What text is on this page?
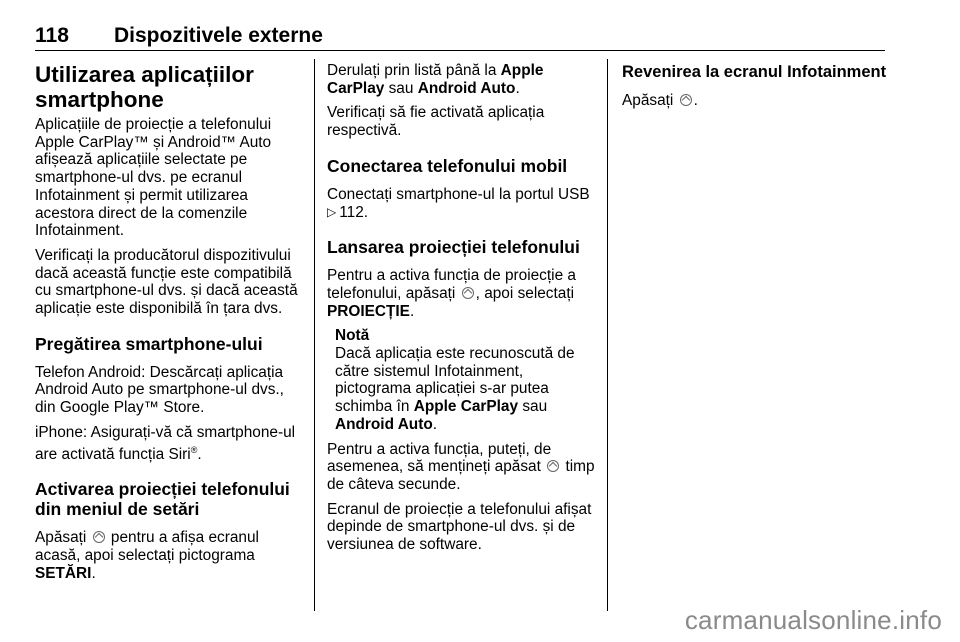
118 Dispozitivele externe
Utilizarea aplicațiilor smartphone

Aplicațiile de proiecție a telefonului Apple CarPlay™ și Android™ Auto afișează aplicațiile selectate pe smartphone-ul dvs. pe ecranul Infotainment și permit utilizarea acestora direct de la comenzile Infotainment.

Verificați la producătorul dispozitivului dacă această funcție este compatibilă cu smartphone-ul dvs. și dacă această aplicație este disponibilă în țara dvs.

Pregătirea smartphone-ului

Telefon Android: Descărcați aplicația Android Auto pe smartphone-ul dvs., din Google Play™ Store.

iPhone: Asigurați-vă că smartphone-ul are activată funcția Siri®.

Activarea proiecției telefonului din meniul de setări

Apăsați pentru a afișa ecranul acasă, apoi selectați pictograma SETĂRI.

Derulați prin listă până la Apple CarPlay sau Android Auto.

Verificați să fie activată aplicația respectivă.

Conectarea telefonului mobil

Conectați smartphone-ul la portul USB ▷ 112.

Lansarea proiecției telefonului

Pentru a activa funcția de proiecție a telefonului, apăsați , apoi selectați PROIECȚIE.

Notă
Dacă aplicația este recunoscută de către sistemul Infotainment, pictograma aplicației s-ar putea schimba în Apple CarPlay sau Android Auto.

Pentru a activa funcția, puteți, de asemenea, să mențineți apăsat timp de câteva secunde.

Ecranul de proiecție a telefonului afișat depinde de smartphone-ul dvs. și de versiunea de software.

Revenirea la ecranul Infotainment

Apăsați .

carmanualsonline.info
